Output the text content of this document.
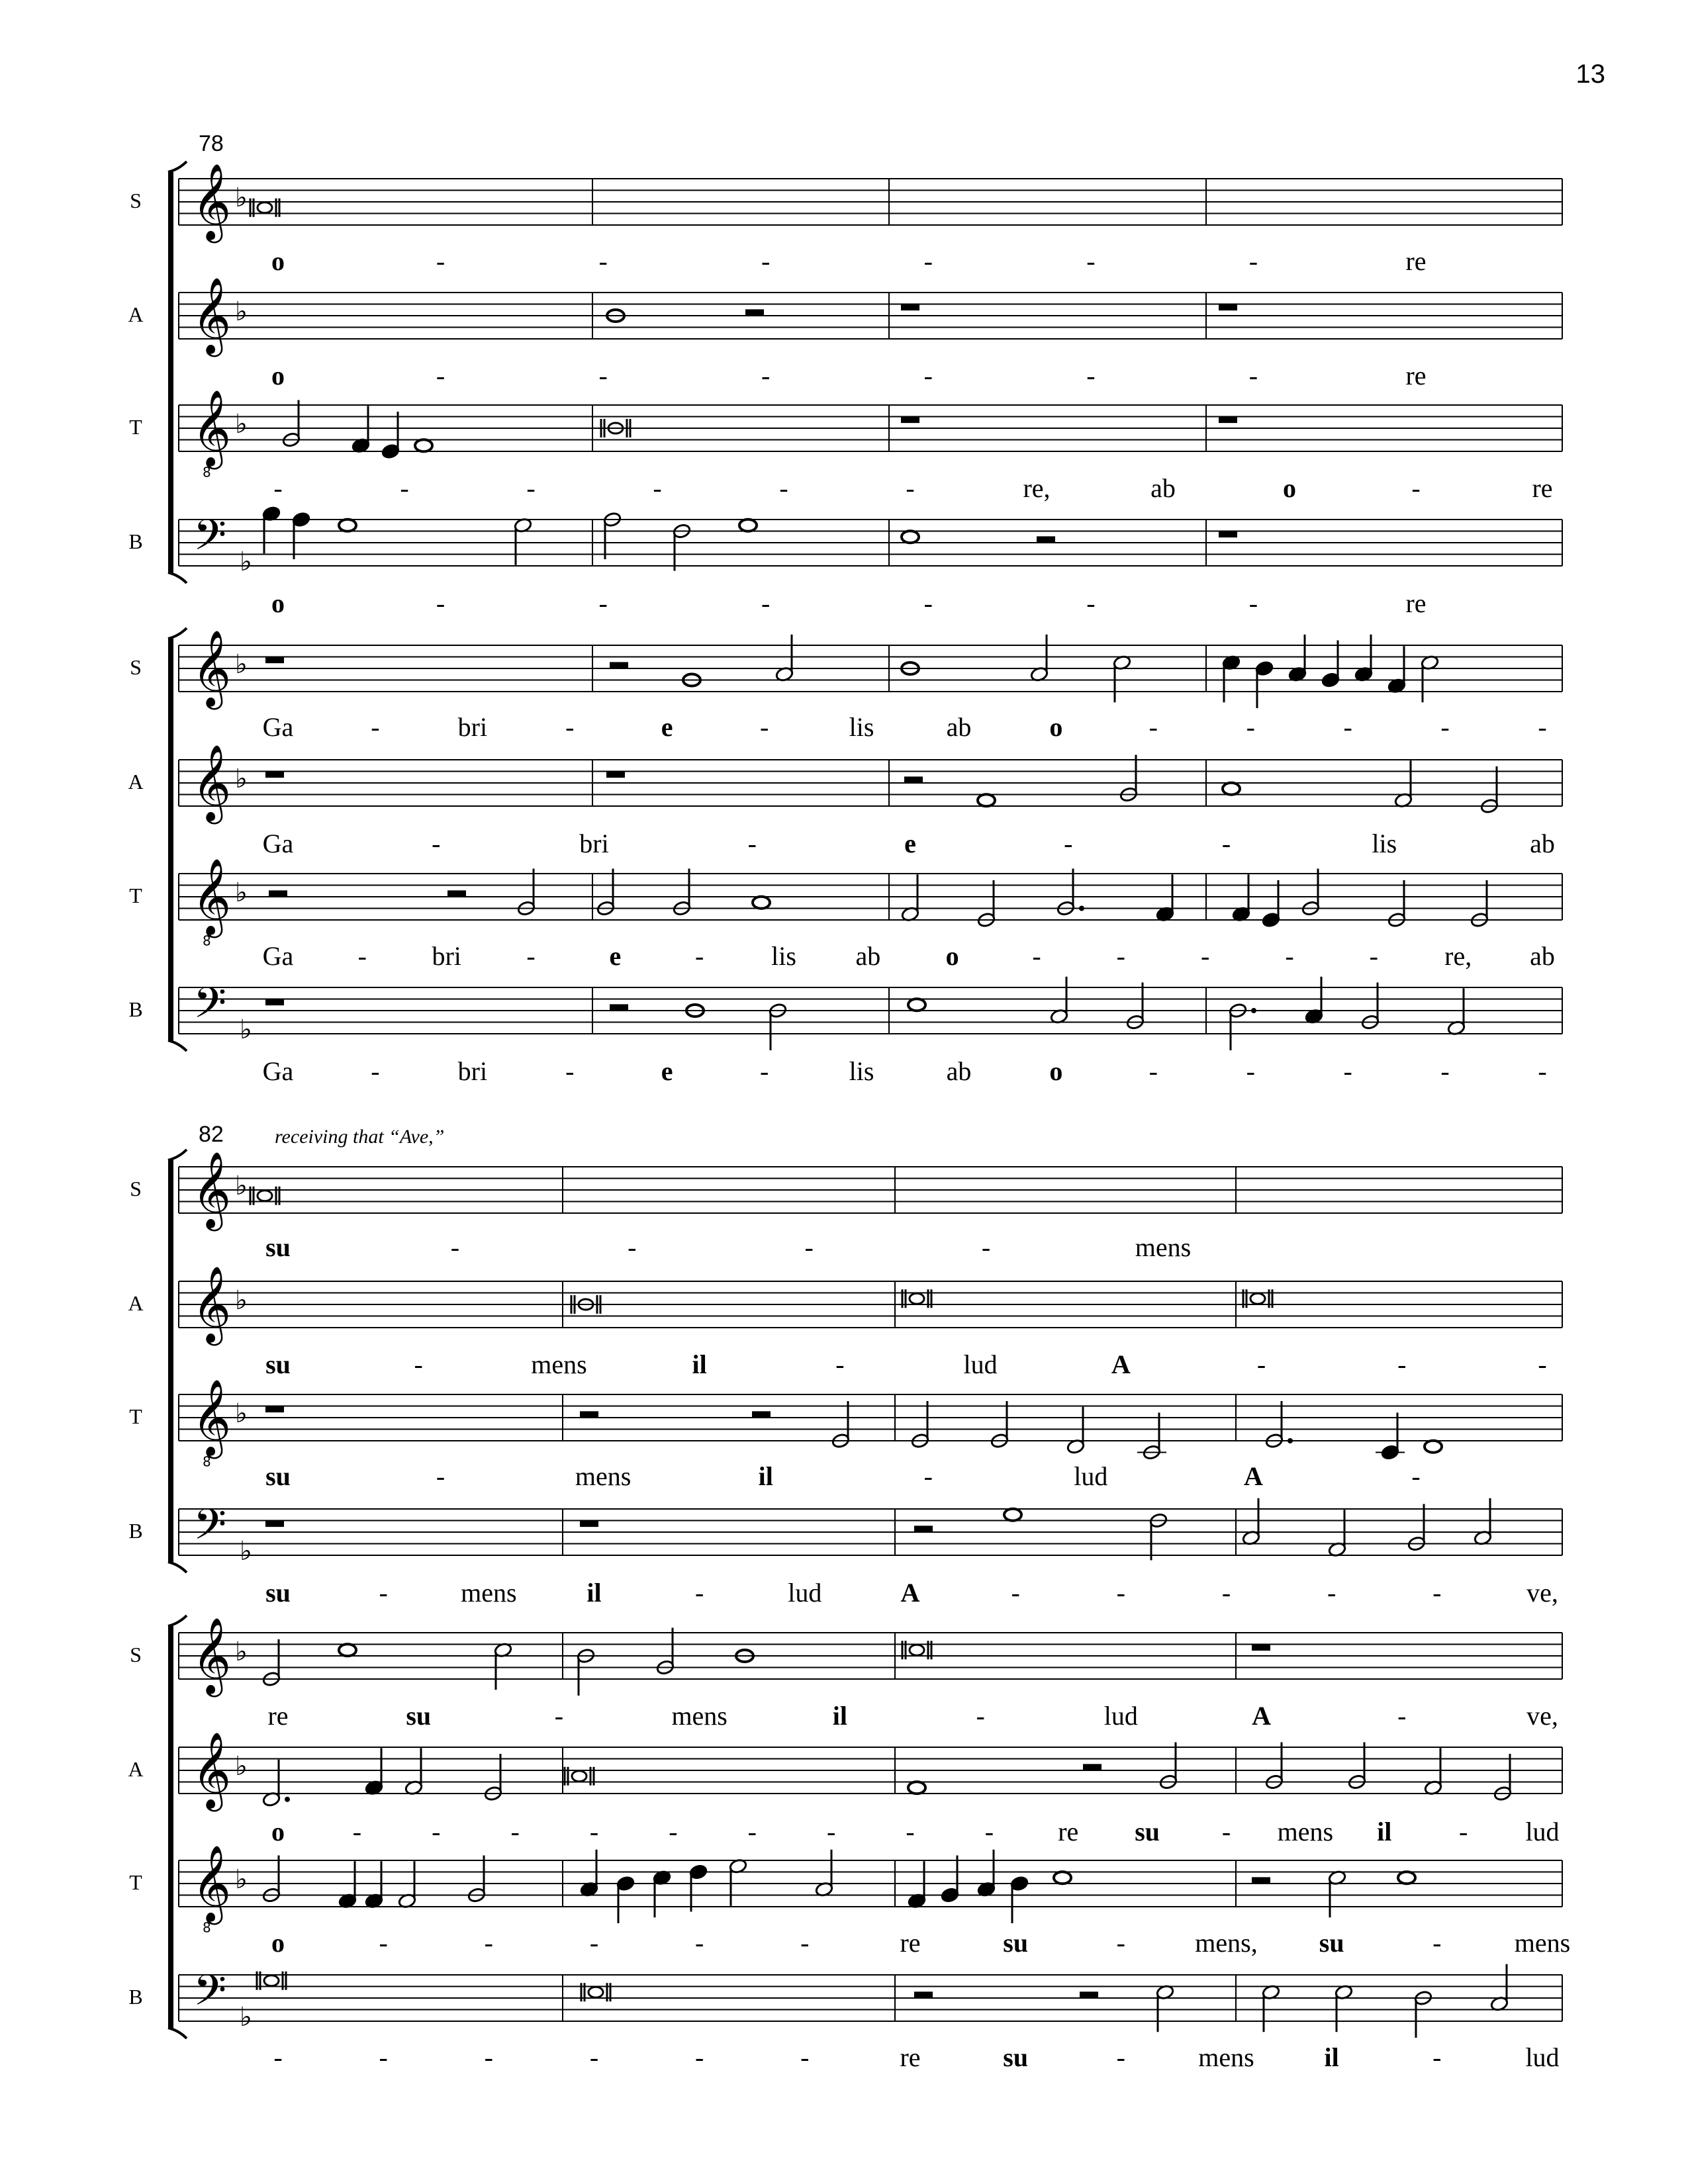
13
78
S 𝄞 ♭
o	-	-	-	-	-	-	re
A 𝄞 ♭
o	-	-	-	-	-	-	re
T 𝄞 ♭
8
-	-	-	-	-	-	re,	ab	o	-	re
B 𝄢 ♭
o	-	-	-	-	-	-	re
S 𝄞 ♭
Ga	-	bri	-	e	-	lis	ab	o	-	-	-	-	-
A 𝄞 ♭
Ga	-	bri	-	e	-	-	lis	ab
T 𝄞 ♭
8
Ga - bri -	e	-	lis ab o	-	-	-	-	-	re, ab
B 𝄢 ♭
Ga	-	bri	-	e	-	lis	ab	o	-	-	-	-	-
82	receiving that “Ave,”
S 𝄞 ♭
su	-	-	-	-	mens
A 𝄞 ♭
su	-	mens	il	-	lud	A	-	-	-
T 𝄞 ♭
8 su	-	mens	il	-	lud	A	-
B 𝄢 ♭
su	-	mens	il	-	lud	A	-	-	-	-	-	ve,
S 𝄞 ♭
re	su	-	mens	il	-	lud	A	-	ve,
A 𝄞 ♭
o	-	-	-	-	-	-	-	-	- re su - mens il	- lud
T 𝄞 ♭
8
o	-	-	-	-	-	re	su	-	mens, su	-	mens
B 𝄢 ♭
-	-	-	-	-	-	re	su	-	mens	il	-	lud
